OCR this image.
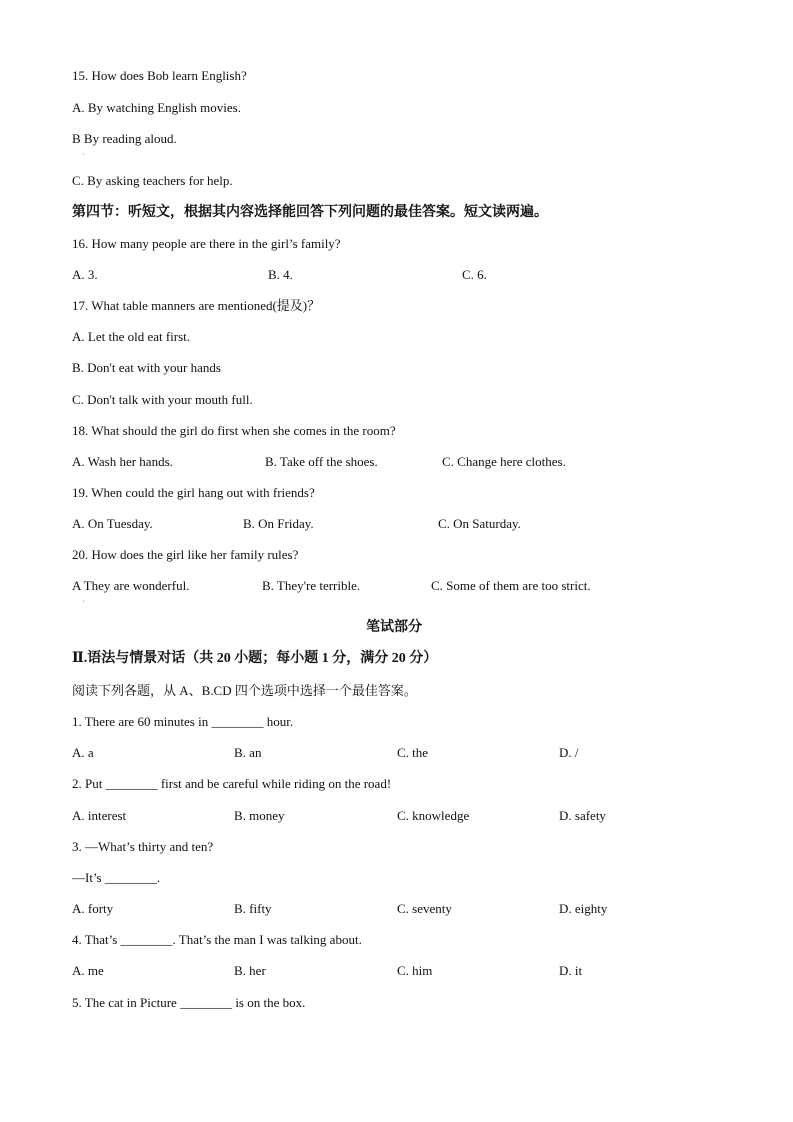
15. How does Bob learn English?
A. By watching English movies.
B By reading aloud.
C. By asking teachers for help.
第四节：听短文，根据其内容选择能回答下列问题的最佳答案。短文读两遍。
16. How many people are there in the girl’s family?
A. 3.	B. 4.	C. 6.
17. What table manners are mentioned(提及)？
A. Let the old eat first.
B. Don't eat with your hands
C. Don't talk with your mouth full.
18. What should the girl do first when she comes in the room?
A. Wash her hands.	B. Take off the shoes.	C. Change here clothes.
19. When could the girl hang out with friends?
A. On Tuesday.	B. On Friday.	C. On Saturday.
20. How does the girl like her family rules?
A They are wonderful.	B. They're terrible.	C. Some of them are too strict.
笔试部分
Ⅱ.语法与情景对话（共 20 小题；每小题 1 分，满分 20 分）
阅读下列各题，从 A、B.CD 四个选项中选择一个最佳答案。
1. There are 60 minutes in ________ hour.
A. a	B. an	C. the	D. /
2. Put ________ first and be careful while riding on the road!
A. interest	B. money	C. knowledge	D. safety
3. —What’s thirty and ten?
—It’s ________.
A. forty	B. fifty	C. seventy	D. eighty
4. That’s ________. That’s the man I was talking about.
A. me	B. her	C. him	D. it
5. The cat in Picture ________ is on the box.
·
·
